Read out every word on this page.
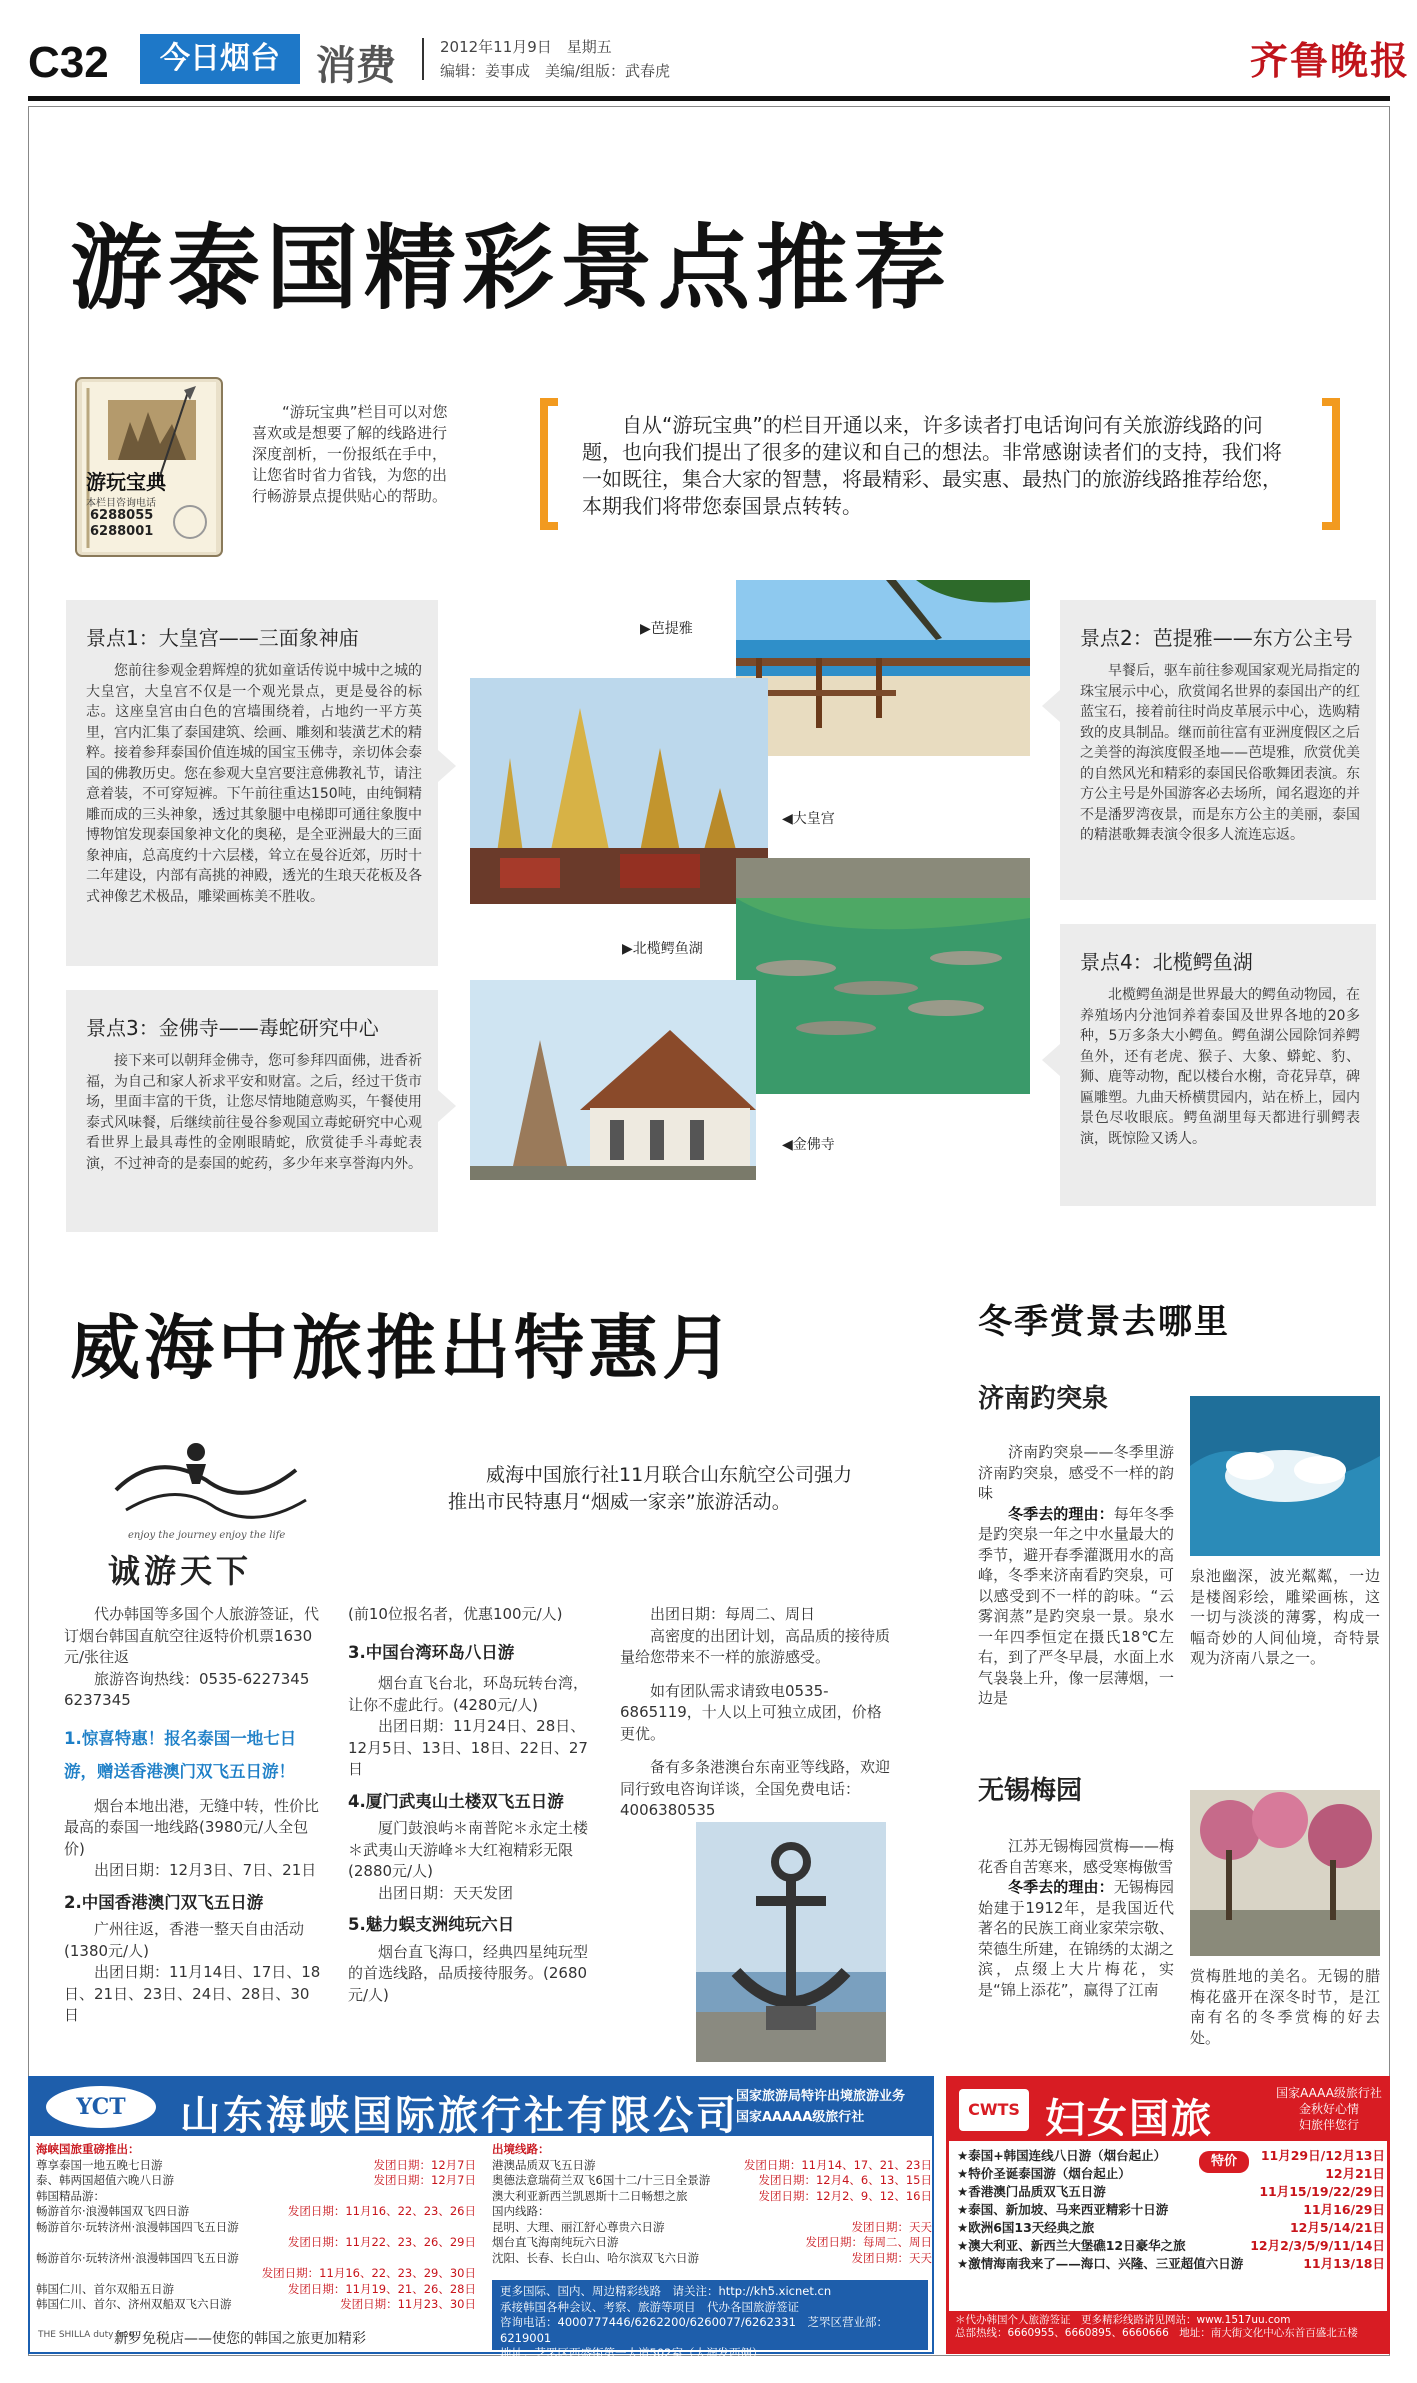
C32	今日烟台 消费	2012年11月9日　星期五
编辑：姜事成　美编/组版：武春虎	齐鲁晚报
游泰国精彩景点推荐
游玩宝典
本栏目咨询电话
6288055
6288001
“游玩宝典”栏目可以对您喜欢或是想要了解的线路进行深度剖析，一份报纸在手中，让您省时省力省钱，为您的出行畅游景点提供贴心的帮助。
自从“游玩宝典”的栏目开通以来，许多读者打电话询问有关旅游线路的问题，也向我们提出了很多的建议和自己的想法。非常感谢读者们的支持，我们将一如既往，集合大家的智慧，将最精彩、最实惠、最热门的旅游线路推荐给您，本期我们将带您泰国景点转转。
景点1：大皇宫——三面象神庙

您前往参观金碧辉煌的犹如童话传说中城中之城的大皇宫，大皇宫不仅是一个观光景点，更是曼谷的标志。这座皇宫由白色的宫墙围绕着，占地约一平方英里，宫内汇集了泰国建筑、绘画、雕刻和装潢艺术的精粹。接着参拜泰国价值连城的国宝玉佛寺，亲切体会泰国的佛教历史。您在参观大皇宫要注意佛教礼节，请注意着装，不可穿短裤。下午前往重达150吨，由纯铜精雕而成的三头神象，透过其象腿中电梯即可通往象腹中博物馆发现泰国象神文化的奥秘，是全亚洲最大的三面象神庙，总高度约十六层楼，耸立在曼谷近郊，历时十二年建设，内部有高挑的神殿，透光的生琅天花板及各式神像艺术极品，雕梁画栋美不胜收。

景点2：芭提雅——东方公主号

早餐后，驱车前往参观国家观光局指定的珠宝展示中心，欣赏闻名世界的泰国出产的红蓝宝石，接着前往时尚皮革展示中心，选购精致的皮具制品。继而前往富有亚洲度假区之后之美誉的海滨度假圣地——芭堤雅，欣赏优美的自然风光和精彩的泰国民俗歌舞团表演。东方公主号是外国游客必去场所，闻名遐迩的并不是潘罗湾夜景，而是东方公主的美丽，泰国的精湛歌舞表演令很多人流连忘返。

景点3：金佛寺——毒蛇研究中心

接下来可以朝拜金佛寺，您可参拜四面佛，进香祈福，为自己和家人祈求平安和财富。之后，经过干货市场，里面丰富的干货，让您尽情地随意购买，午餐使用泰式风味餐，后继续前往曼谷参观国立毒蛇研究中心观看世界上最具毒性的金刚眼睛蛇，欣赏徒手斗毒蛇表演，不过神奇的是泰国的蛇药，多少年来享誉海内外。

景点4：北榄鳄鱼湖

北榄鳄鱼湖是世界最大的鳄鱼动物园，在养殖场内分池饲养着泰国及世界各地的20多种，5万多条大小鳄鱼。鳄鱼湖公园除饲养鳄鱼外，还有老虎、猴子、大象、蟒蛇、豹、狮、鹿等动物，配以楼台水榭，奇花异草，碑匾雕塑。九曲天桥横贯园内，站在桥上，园内景色尽收眼底。鳄鱼湖里每天都进行驯鳄表演，既惊险又诱人。

▶芭提雅
◀大皇宫
▶北榄鳄鱼湖
◀金佛寺
威海中旅推出特惠月
enjoy the journey enjoy the life
诚游天下
威海中国旅行社11月联合山东航空公司强力推出市民特惠月“烟威一家亲”旅游活动。

代办韩国等多国个人旅游签证，代订烟台韩国直航空往返特价机票1630元/张往返

旅游咨询热线：0535-6227345　6237345

1.惊喜特惠！报名泰国一地七日游，赠送香港澳门双飞五日游！

烟台本地出港，无缝中转，性价比最高的泰国一地线路(3980元/人全包价)

出团日期：12月3日、7日、21日

2.中国香港澳门双飞五日游

广州往返，香港一整天自由活动(1380元/人)

出团日期：11月14日、17日、18日、21日、23日、24日、28日、30日

(前10位报名者，优惠100元/人)

3.中国台湾环岛八日游

烟台直飞台北，环岛玩转台湾，让你不虚此行。(4280元/人)

出团日期：11月24日、28日、12月5日、13日、18日、22日、27日

4.厦门武夷山土楼双飞五日游

厦门鼓浪屿＊南普陀＊永定土楼＊武夷山天游峰＊大红袍精彩无限(2880元/人)

出团日期：天天发团

5.魅力蜈支洲纯玩六日

烟台直飞海口，经典四星纯玩型的首选线路，品质接待服务。(2680元/人)

出团日期：每周二、周日

高密度的出团计划，高品质的接待质量给您带来不一样的旅游感受。

如有团队需求请致电0535-6865119，十人以上可独立成团，价格更优。

备有多条港澳台东南亚等线路，欢迎同行致电咨询详谈，全国免费电话：4006380535

冬季赏景去哪里
济南趵突泉

济南趵突泉——冬季里游济南趵突泉，感受不一样的韵味

冬季去的理由：每年冬季是趵突泉一年之中水量最大的季节，避开春季灌溉用水的高峰，冬季来济南看趵突泉，可以感受到不一样的韵味。“云雾润蒸”是趵突泉一景。泉水一年四季恒定在摄氏18℃左右，到了严冬早晨，水面上水气袅袅上升，像一层薄烟，一边是

泉池幽深，波光粼粼，一边是楼阁彩绘，雕梁画栋，这一切与淡淡的薄雾，构成一幅奇妙的人间仙境，奇特景观为济南八景之一。
无锡梅园

江苏无锡梅园赏梅——梅花香自苦寒来，感受寒梅傲雪

冬季去的理由：无锡梅园始建于1912年，是我国近代著名的民族工商业家荣宗敬、荣德生所建，在锦绣的太湖之滨，点缀上大片梅花，实是“锦上添花”，赢得了江南

赏梅胜地的美名。无锡的腊梅花盛开在深冬时节，是江南有名的冬季赏梅的好去处。
YCT	山东海峡国际旅行社有限公司
国家旅游局特许出境旅游业务
国家AAAAA级旅行社
海峡国旅重磅推出：
尊享泰国一地五晚七日游	发团日期：12月7日
泰、韩两国超值六晚八日游	发团日期：12月7日
韩国精品游：
畅游首尔·浪漫韩国双飞四日游	发团日期：11月16、22、23、26日
畅游首尔·玩转济州·浪漫韩国四飞五日游
发团日期：11月22、23、26、29日
畅游首尔·玩转济州·浪漫韩国四飞五日游
发团日期：11月16、22、23、29、30日
韩国仁川、首尔双船五日游	发团日期：11月19、21、26、28日
韩国仁川、首尔、济州双船双飞六日游	发团日期：11月23、30日
出境线路：
港澳品质双飞五日游	发团日期：11月14、17、21、23日
奥德法意瑞荷兰双飞6国十二/十三日全景游	发团日期：12月4、6、13、15日
澳大利亚新西兰凯恩斯十二日畅想之旅	发团日期：12月2、9、12、16日
国内线路：
昆明、大理、丽江舒心尊贵六日游	发团日期：天天
烟台直飞海南纯玩六日游	发团日期：每周二、周日
沈阳、长春、长白山、哈尔滨双飞六日游	发团日期：天天
更多国际、国内、周边精彩线路　请关注：http://kh5.xicnet.cn
承接韩国各种会议、考察、旅游等项目　代办各国旅游签证
咨询电话：4000777446/6262200/6260077/6262331　芝罘区营业部：6219001
地址：芝罘区西盛街第一大道502室（大润发西侧）
THE SHILLA duty free
新罗免税店——使您的韩国之旅更加精彩
CWTS 妇女国旅
国家AAAA级旅行社
金秋好心情
妇旅伴您行
特价
★泰国+韩国连线八日游（烟台起止）	11月29日/12月13日
★特价圣诞泰国游（烟台起止）	12月21日
★香港澳门品质双飞五日游	11月15/19/22/29日
★泰国、新加坡、马来西亚精彩十日游	11月16/29日
★欧洲6国13天经典之旅	12月5/14/21日
★澳大利亚、新西兰大堡礁12日豪华之旅	12月2/3/5/9/11/14日
★激情海南我来了——海口、兴隆、三亚超值六日游	11月13/18日
＊代办韩国个人旅游签证　更多精彩线路请见网站：www.1517uu.com
总部热线：6660955、6660895、6660666　地址：南大街文化中心东首百盛北五楼
